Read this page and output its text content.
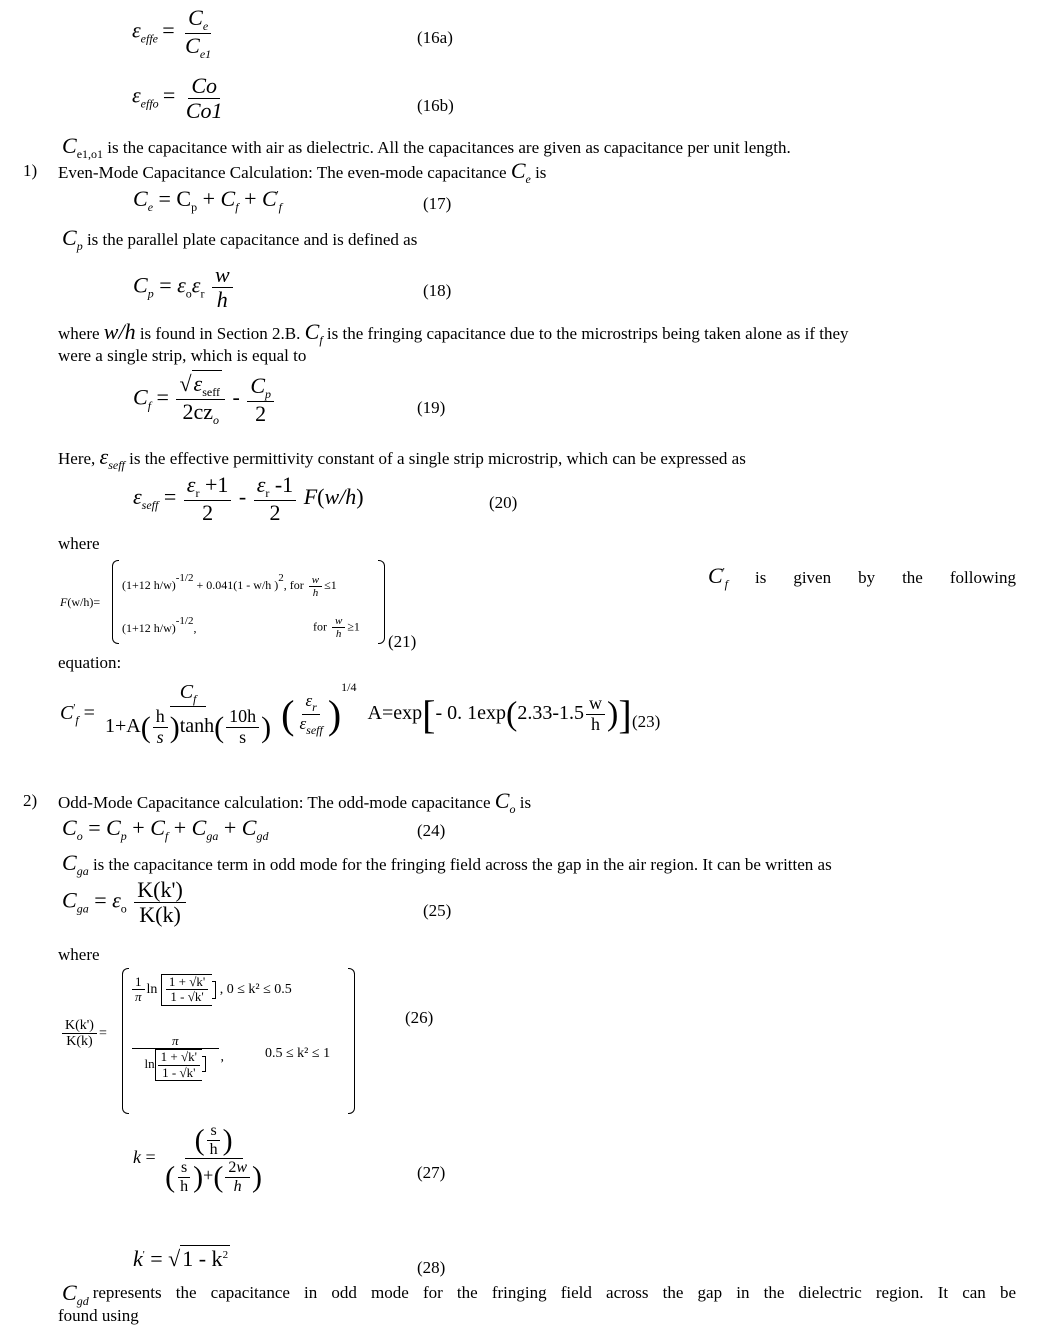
$\varepsilon_{effe} = \frac{C_e}{C_{e1}}$	(16a)
$\varepsilon_{effo} = \frac{Co}{Co1}$	(16b)
$C_{e1,o1}$ is the capacitance with air as dielectric. All the capacitances are given as capacitance per unit length.
1) Even-Mode Capacitance Calculation: The even-mode capacitance $C_e$ is
$C_e = C_p + C_f + C'_f$	(17)
$C_p$ is the parallel plate capacitance and is defined as
$C_p = \varepsilon_o\varepsilon_r \frac{w}{h}$	(18)
where w/h is found in Section 2.B. $C_f$ is the fringing capacitance due to the microstrips being taken alone as if they
were a single strip, which is equal to
$C_f = \frac{√\varepsilon_{seff}}{2cz_o} - \frac{C_p}{2}$	(19)
Here, $\varepsilon_{seff}$ is the effective permittivity constant of a single strip microstrip, which can be expressed as
$\varepsilon_{seff} = \frac{\varepsilon_r +1}{2} - \frac{\varepsilon_r -1}{2} F(w/h)$	(20)
where
F(w/h)=
(1+12 h/w)-1/2 + 0.041(1 - w/h )2, for $\frac{w}{h} \le 1$
(1+12 h/w)-1/2,	for $\frac{w}{h} \ge 1$
(21)
$C'_f$ is given by the following
equation:
$C'_f = \frac{C_f}{1+A( \frac{h}{s} )\tanh( \frac{10h}{s} )}$ ( $\frac{\varepsilon_r}{\varepsilon_{seff}} )^{1/4}$ A=exp[- 0. $1\exp(2.33-1.5 \frac{w}{h}$ )] (23)
2) Odd-Mode Capacitance calculation: The odd-mode capacitance $C_o$ is
$C_o = C_p + C_f + C_{ga} + C_{gd}$	(24)
$C_{ga}$ is the capacitance term in odd mode for the fringing field across the gap in the air region. It can be written as
$C_{ga} = \varepsilon_o \frac{K(k')}{K(k)}$	(25)
where
$\frac{K(k')}{K(k)}$ =
$\frac{1}{\pi}$ $\ln \frac{1 + √k'}{1 - √k'}$ , 0 ≤ k² ≤ 0.5
$\frac{\pi}{\ln \frac{1 + √k'}{1 - √k'}}$
,	0.5 ≤ k² ≤ 1
(26)
$k = \frac{( \frac{s}{h} )}{( \frac{s}{h} )+( \frac{2w}{h} )}$	(27)
$k' = √1 - k^2$
(28)
$C_{gd}$ represents the capacitance in odd mode for the fringing field across the gap in the dielectric region. It can be
found using
